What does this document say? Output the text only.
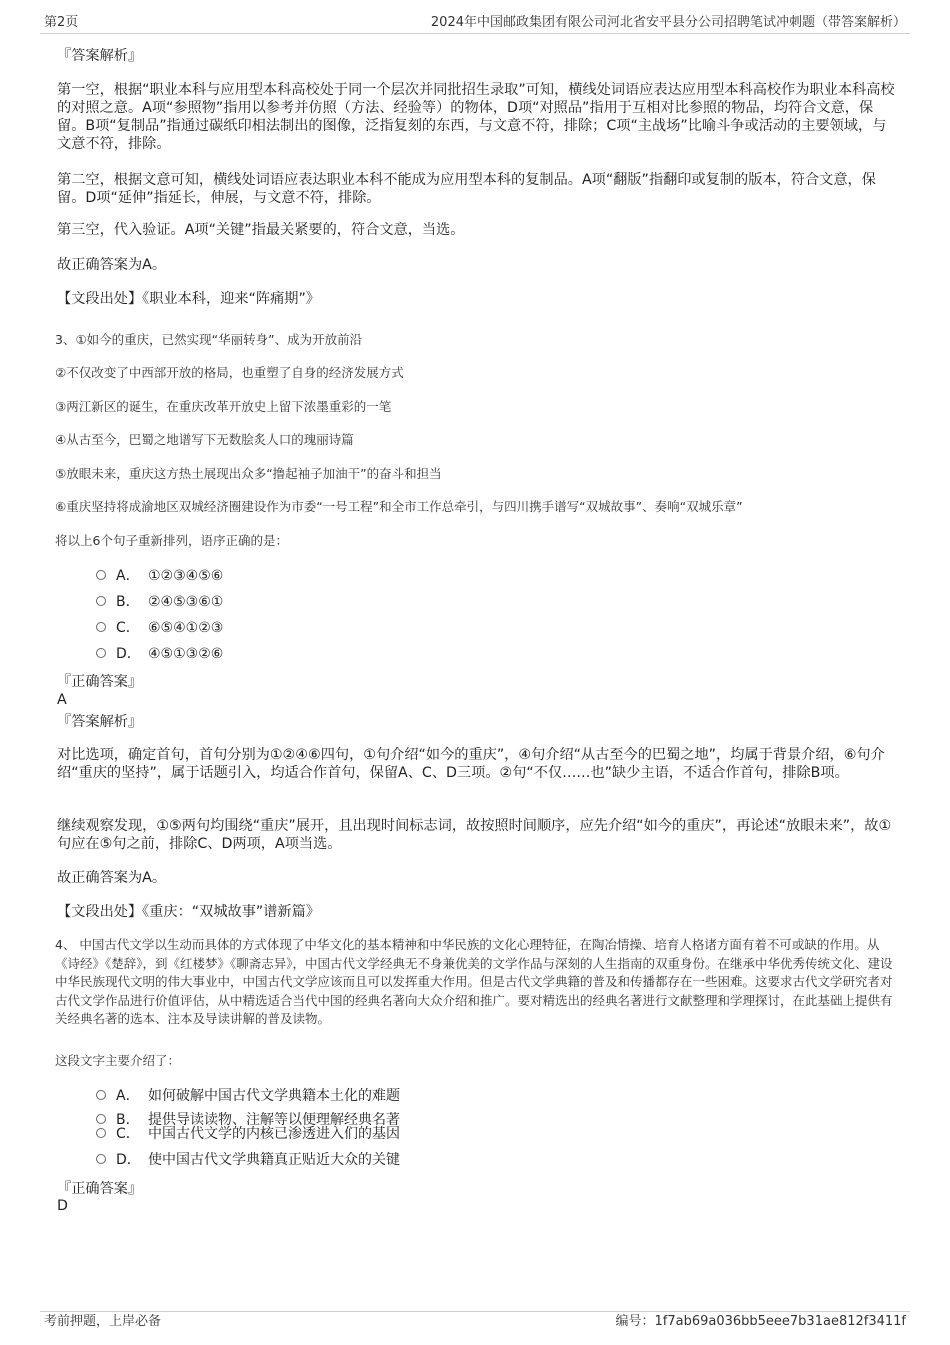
第2页	2024年中国邮政集团有限公司河北省安平县分公司招聘笔试冲刺题（带答案解析）
『答案解析』
第一空，根据“职业本科与应用型本科高校处于同一个层次并同批招生录取”可知，横线处词语应表达应用型本科高校作为职业本科高校的对照之意。A项“参照物”指用以参考并仿照（方法、经验等）的物体，D项“对照品”指用于互相对比参照的物品，均符合文意，保留。B项“复制品”指通过碳纸印相法制出的图像，泛指复刻的东西，与文意不符，排除；C项“主战场”比喻斗争或活动的主要领域，与文意不符，排除。
第二空，根据文意可知，横线处词语应表达职业本科不能成为应用型本科的复制品。A项“翻版”指翻印或复制的版本，符合文意，保留。D项“延伸”指延长，伸展，与文意不符，排除。
第三空，代入验证。A项“关键”指最关紧要的，符合文意，当选。
故正确答案为A。
【文段出处】《职业本科，迎来“阵痛期”》
3、①如今的重庆，已然实现“华丽转身”、成为开放前沿
②不仅改变了中西部开放的格局，也重塑了自身的经济发展方式
③两江新区的诞生，在重庆改革开放史上留下浓墨重彩的一笔
④从古至今，巴蜀之地谱写下无数脍炙人口的瑰丽诗篇
⑤放眼未来，重庆这方热土展现出众多“撸起袖子加油干”的奋斗和担当
⑥重庆坚持将成渝地区双城经济圈建设作为市委“一号工程”和全市工作总牵引，与四川携手谱写“双城故事”、奏响“双城乐章”
将以上6个句子重新排列，语序正确的是：
A． ①②③④⑤⑥
B． ②④⑤③⑥①
C． ⑥⑤④①②③
D． ④⑤①③②⑥
『正确答案』
A
『答案解析』
对比选项，确定首句，首句分别为①②④⑥四句，①句介绍“如今的重庆”，④句介绍“从古至今的巴蜀之地”，均属于背景介绍，⑥句介绍“重庆的坚持”，属于话题引入，均适合作首句，保留A、C、D三项。②句“不仅……也”缺少主语，不适合作首句，排除B项。
继续观察发现，①⑤两句均围绕“重庆”展开，且出现时间标志词，故按照时间顺序，应先介绍“如今的重庆”，再论述“放眼未来”，故①句应在⑤句之前，排除C、D两项，A项当选。
故正确答案为A。
【文段出处】《重庆：“双城故事”谱新篇》
4、 中国古代文学以生动而具体的方式体现了中华文化的基本精神和中华民族的文化心理特征，在陶冶情操、培育人格诸方面有着不可或缺的作用。从《诗经》《楚辞》，到《红楼梦》《聊斋志异》，中国古代文学经典无不身兼优美的文学作品与深刻的人生指南的双重身份。在继承中华优秀传统文化、建设中华民族现代文明的伟大事业中，中国古代文学应该而且可以发挥重大作用。但是古代文学典籍的普及和传播都存在一些困难。这要求古代文学研究者对古代文学作品进行价值评估，从中精选适合当代中国的经典名著向大众介绍和推广。要对精选出的经典名著进行文献整理和学理探讨，在此基础上提供有关经典名著的选本、注本及导读讲解的普及读物。
这段文字主要介绍了：
A． 如何破解中国古代文学典籍本土化的难题
B． 提供导读读物、注解等以便理解经典名著
C． 中国古代文学的内核已渗透进入们的基因
D． 使中国古代文学典籍真正贴近大众的关键
『正确答案』
D
考前押题，上岸必备	编号：1f7ab69a036bb5eee7b31ae812f3411f
